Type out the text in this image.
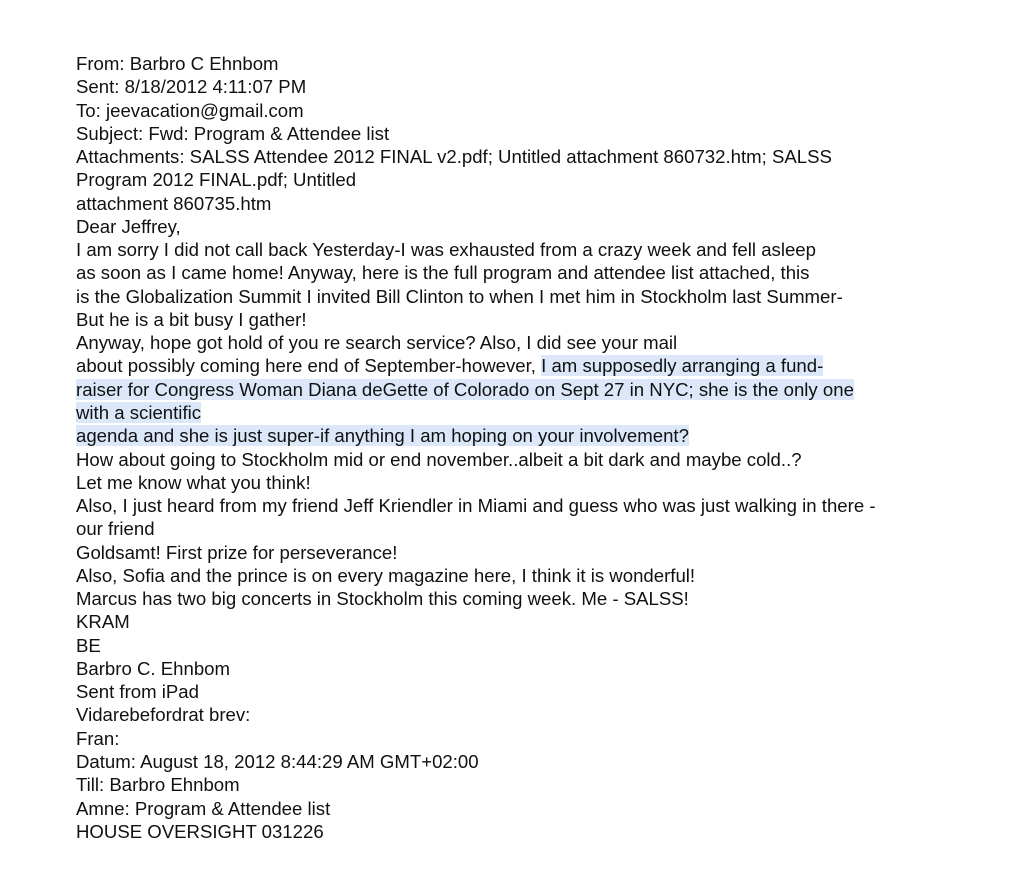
From: Barbro C Ehnbom
Sent: 8/18/2012 4:11:07 PM
To: jeevacation@gmail.com
Subject: Fwd: Program & Attendee list
Attachments: SALSS Attendee 2012 FINAL v2.pdf; Untitled attachment 860732.htm; SALSS
Program 2012 FINAL.pdf; Untitled
attachment 860735.htm
Dear Jeffrey,
I am sorry I did not call back Yesterday-I was exhausted from a crazy week and fell asleep
as soon as I came home! Anyway, here is the full program and attendee list attached, this
is the Globalization Summit I invited Bill Clinton to when I met him in Stockholm last Summer-
But he is a bit busy I gather!
Anyway, hope got hold of you re search service? Also, I did see your mail
about possibly coming here end of September-however, I am supposedly arranging a fund-
raiser for Congress Woman Diana deGette of Colorado on Sept 27 in NYC; she is the only one
with a scientific
agenda and she is just super-if anything I am hoping on your involvement?
How about going to Stockholm mid or end november..albeit a bit dark and maybe cold..?
Let me know what you think!
Also, I just heard from my friend Jeff Kriendler in Miami and guess who was just walking in there -
our friend
Goldsamt! First prize for perseverance!
Also, Sofia and the prince is on every magazine here, I think it is wonderful!
Marcus has two big concerts in Stockholm this coming week. Me - SALSS!
KRAM
BE
Barbro C. Ehnbom
Sent from iPad
Vidarebefordrat brev:
Fran:
Datum: August 18, 2012 8:44:29 AM GMT+02:00
Till: Barbro Ehnbom
Amne: Program & Attendee list
HOUSE OVERSIGHT 031226
